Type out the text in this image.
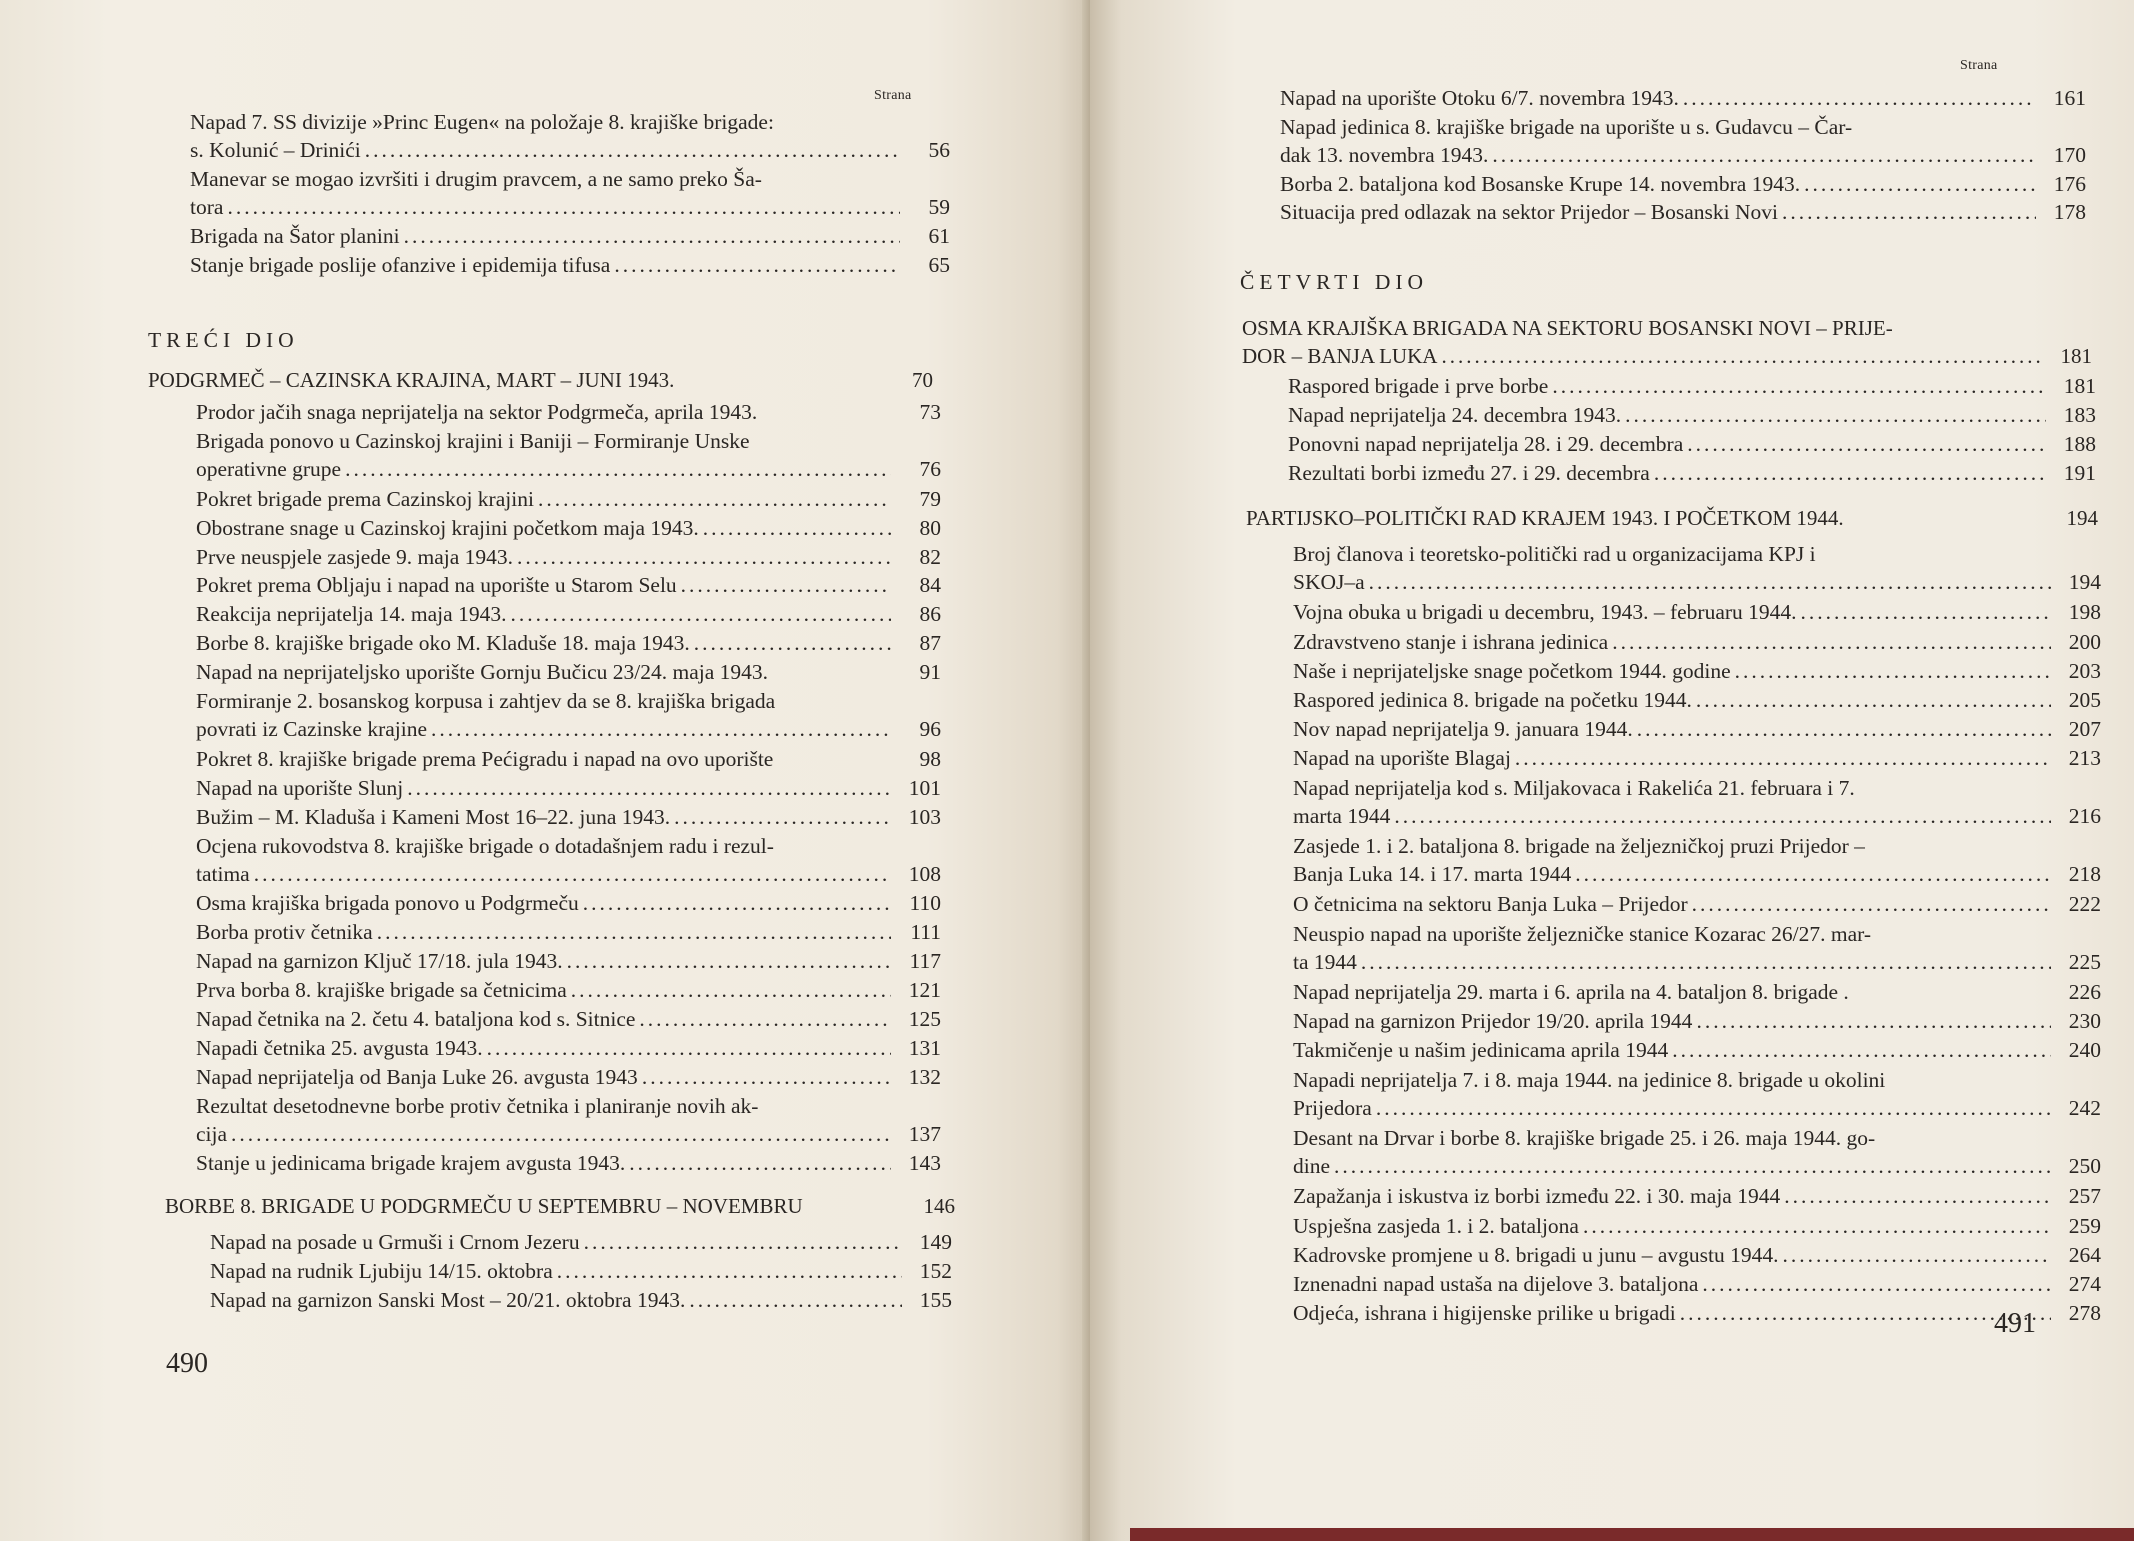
Strana
Napad 7. SS divizije »Princ Eugen« na položaje 8. krajiške brigade:
s. Kolunić – Drinići .....	56
Manevar se mogao izvršiti i drugim pravcem, a ne samo preko Ša-
tora .....	59
Brigada na Šator planini .....	61
Stanje brigade poslije ofanzive i epidemija tifusa .....	65
TREĆI DIO
PODGRMEČ – CAZINSKA KRAJINA, MART – JUNI 1943.	70
Prodor jačih snaga neprijatelja na sektor Podgrmeča, aprila 1943.	73
Brigada ponovo u Cazinskoj krajini i Baniji – Formiranje Unske
operativne grupe .....	76
Pokret brigade prema Cazinskoj krajini .....	79
Obostrane snage u Cazinskoj krajini početkom maja 1943. .....	80
Prve neuspjele zasjede 9. maja 1943. .....	82
Pokret prema Obljaju i napad na uporište u Starom Selu .....	84
Reakcija neprijatelja 14. maja 1943. .....	86
Borbe 8. krajiške brigade oko M. Kladuše 18. maja 1943. .....	87
Napad na neprijateljsko uporište Gornju Bučicu 23/24. maja 1943.	91
Formiranje 2. bosanskog korpusa i zahtjev da se 8. krajiška brigada
povrati iz Cazinske krajine .....	96
Pokret 8. krajiške brigade prema Pećigradu i napad na ovo uporište	98
Napad na uporište Slunj .....	101
Bužim – M. Kladuša i Kameni Most 16–22. juna 1943. .....	103
Ocjena rukovodstva 8. krajiške brigade o dotadašnjem radu i rezul-
tatima .....	108
Osma krajiška brigada ponovo u Podgrmeču .....	110
Borba protiv četnika .....	111
Napad na garnizon Ključ 17/18. jula 1943. .....	117
Prva borba 8. krajiške brigade sa četnicima .....	121
Napad četnika na 2. četu 4. bataljona kod s. Sitnice .....	125
Napadi četnika 25. avgusta 1943. .....	131
Napad neprijatelja od Banja Luke 26. avgusta 1943 .....	132
Rezultat desetodnevne borbe protiv četnika i planiranje novih ak-
cija .....	137
Stanje u jedinicama brigade krajem avgusta 1943. .....	143
BORBE 8. BRIGADE U PODGRMEČU U SEPTEMBRU – NOVEMBRU	146
Napad na posade u Grmuši i Crnom Jezeru .....	149
Napad na rudnik Ljubiju 14/15. oktobra .....	152
Napad na garnizon Sanski Most – 20/21. oktobra 1943. .....	155
490
Strana
Napad na uporište Otoku 6/7. novembra 1943. .....	161
Napad jedinica 8. krajiške brigade na uporište u s. Gudavcu – Čar-
dak 13. novembra 1943. .....	170
Borba 2. bataljona kod Bosanske Krupe 14. novembra 1943. .....	176
Situacija pred odlazak na sektor Prijedor – Bosanski Novi .....	178
ČETVRTI DIO
OSMA KRAJIŠKA BRIGADA NA SEKTORU BOSANSKI NOVI – PRIJE-
DOR – BANJA LUKA .....	181
Raspored brigade i prve borbe .....	181
Napad neprijatelja 24. decembra 1943. .....	183
Ponovni napad neprijatelja 28. i 29. decembra .....	188
Rezultati borbi između 27. i 29. decembra .....	191
PARTIJSKO–POLITIČKI RAD KRAJEM 1943. I POČETKOM 1944.	194
Broj članova i teoretsko-politički rad u organizacijama KPJ i
SKOJ–a .....	194
Vojna obuka u brigadi u decembru, 1943. – februaru 1944. .....	198
Zdravstveno stanje i ishrana jedinica .....	200
Naše i neprijateljske snage početkom 1944. godine .....	203
Raspored jedinica 8. brigade na početku 1944. .....	205
Nov napad neprijatelja 9. januara 1944. .....	207
Napad na uporište Blagaj .....	213
Napad neprijatelja kod s. Miljakovaca i Rakelića 21. februara i 7.
marta 1944 .....	216
Zasjede 1. i 2. bataljona 8. brigade na željezničkoj pruzi Prijedor –
Banja Luka 14. i 17. marta 1944 .....	218
O četnicima na sektoru Banja Luka – Prijedor .....	222
Neuspio napad na uporište željezničke stanice Kozarac 26/27. mar-
ta 1944 .....	225
Napad neprijatelja 29. marta i 6. aprila na 4. bataljon 8. brigade .	226
Napad na garnizon Prijedor 19/20. aprila 1944 .....	230
Takmičenje u našim jedinicama aprila 1944 .....	240
Napadi neprijatelja 7. i 8. maja 1944. na jedinice 8. brigade u okolini
Prijedora .....	242
Desant na Drvar i borbe 8. krajiške brigade 25. i 26. maja 1944. go-
dine .....	250
Zapažanja i iskustva iz borbi između 22. i 30. maja 1944 .....	257
Uspješna zasjeda 1. i 2. bataljona .....	259
Kadrovske promjene u 8. brigadi u junu – avgustu 1944. .....	264
Iznenadni napad ustaša na dijelove 3. bataljona .....	274
Odjeća, ishrana i higijenske prilike u brigadi .....	278
491
